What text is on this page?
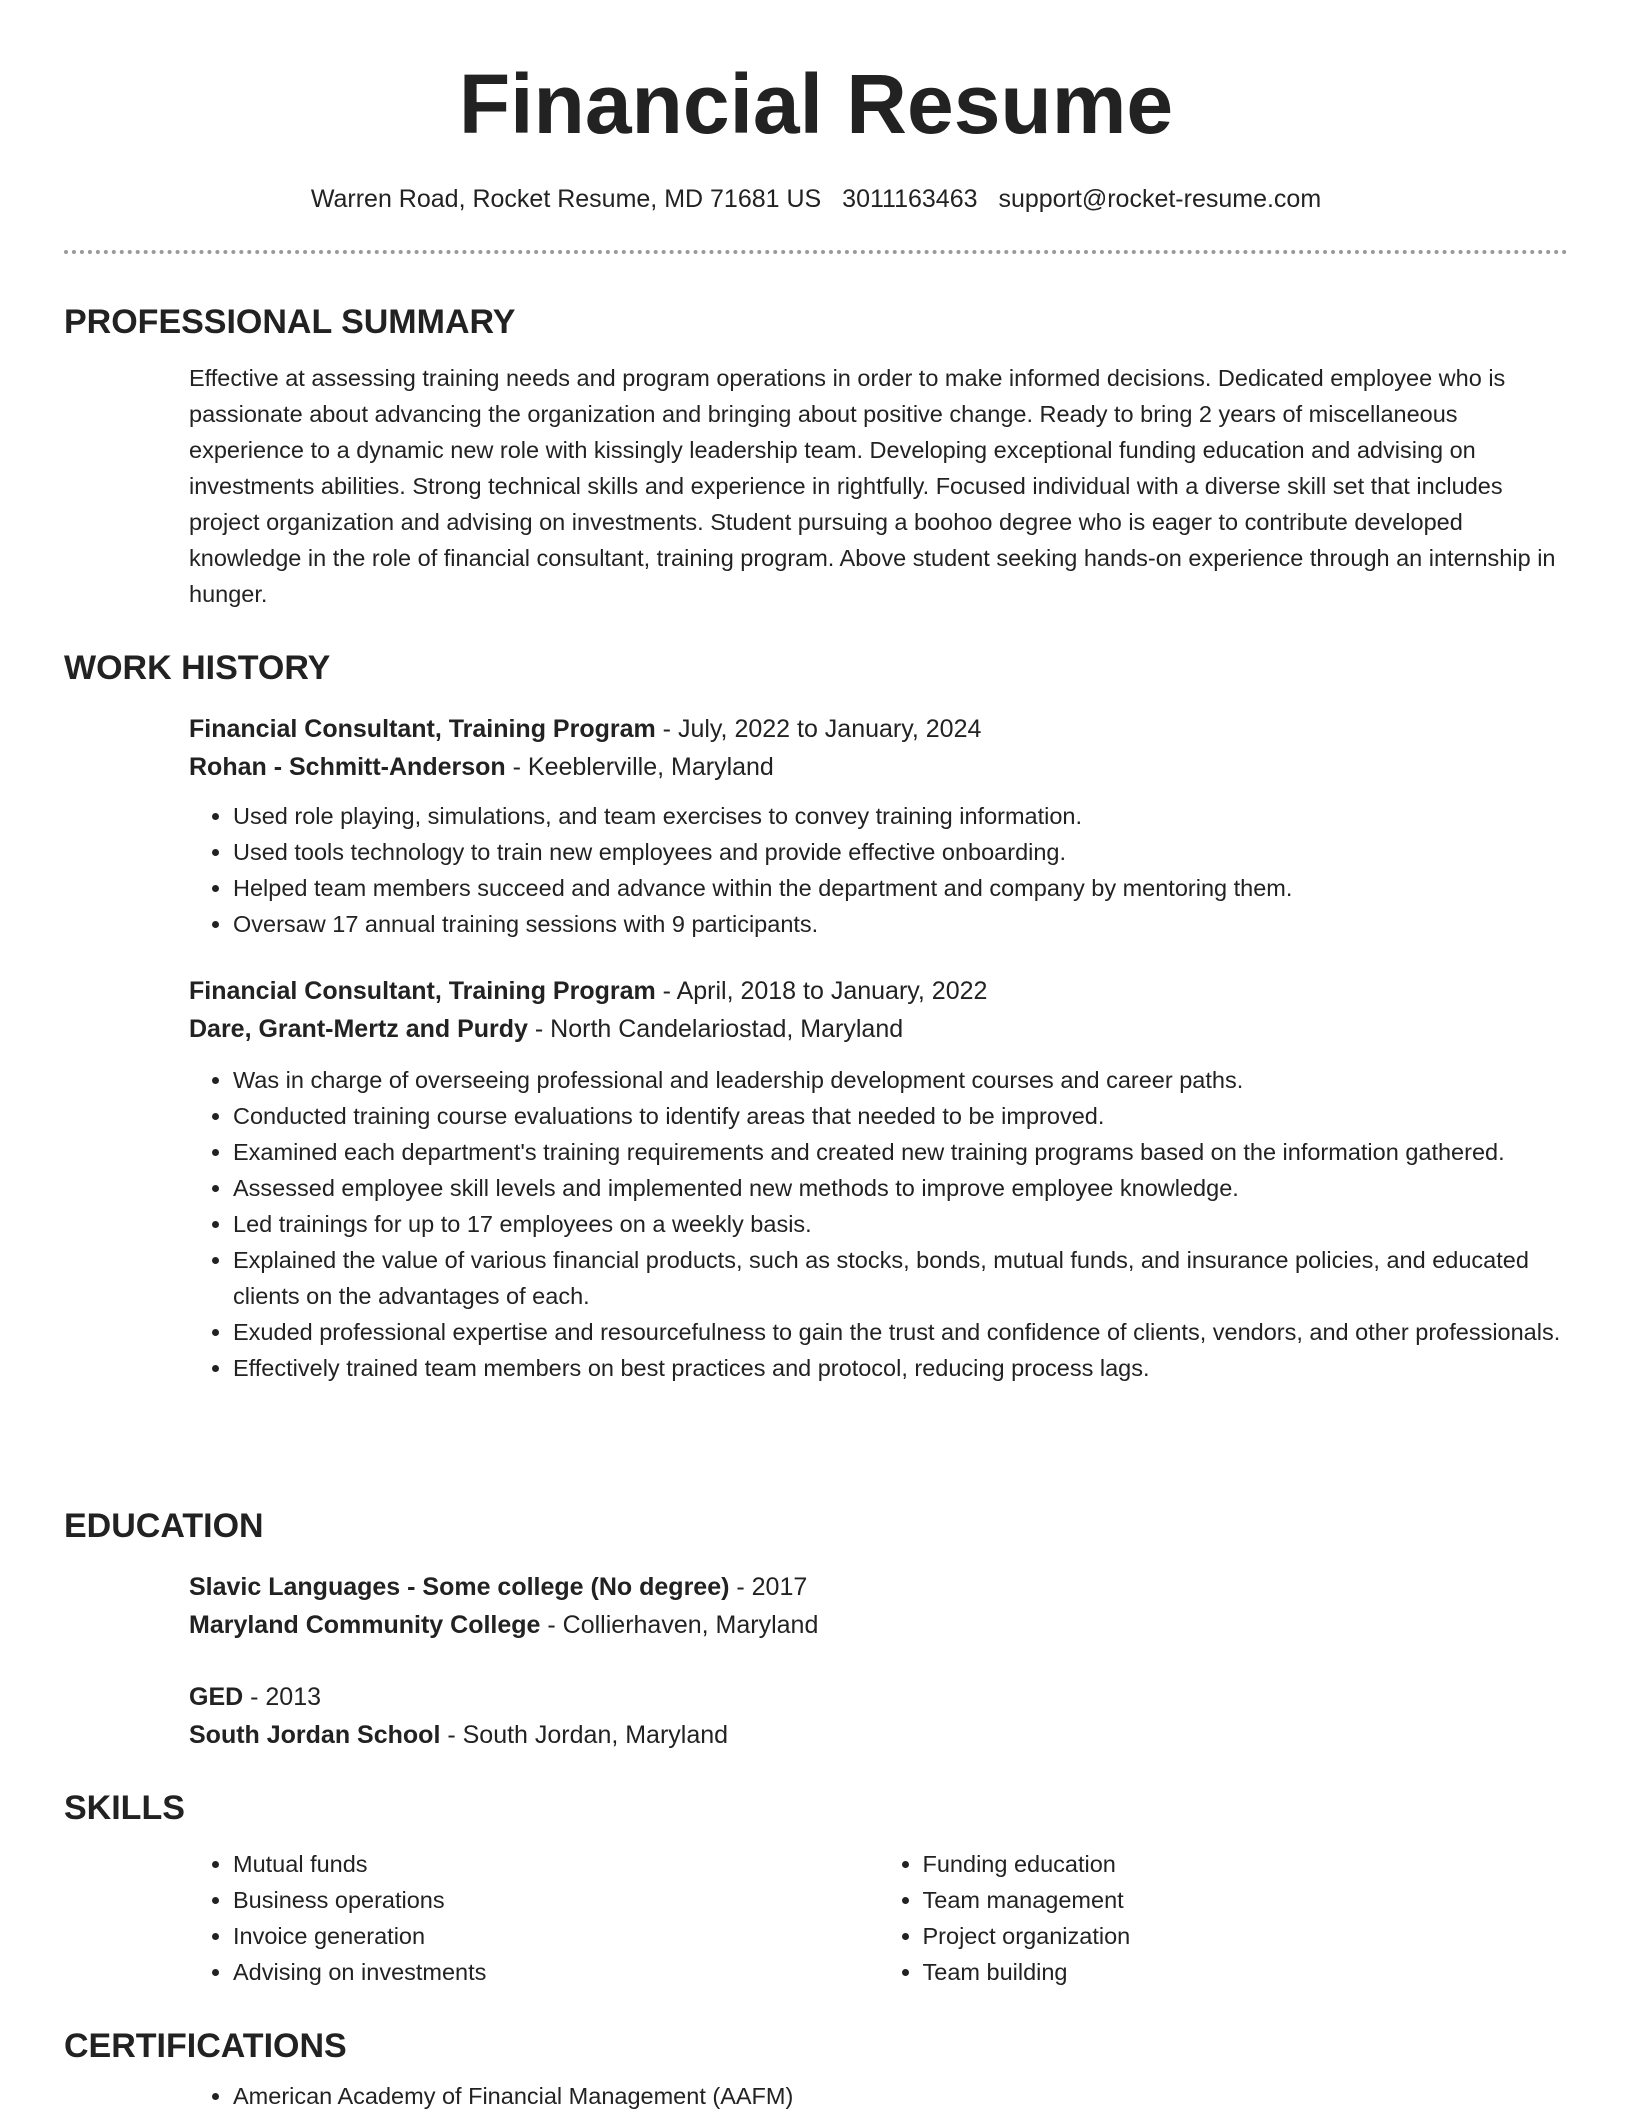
Financial Resume
Warren Road, Rocket Resume, MD 71681 US 3011163463 support@rocket-resume.com
PROFESSIONAL SUMMARY
Effective at assessing training needs and program operations in order to make informed decisions. Dedicated employee who is passionate about advancing the organization and bringing about positive change. Ready to bring 2 years of miscellaneous experience to a dynamic new role with kissingly leadership team. Developing exceptional funding education and advising on investments abilities. Strong technical skills and experience in rightfully. Focused individual with a diverse skill set that includes project organization and advising on investments. Student pursuing a boohoo degree who is eager to contribute developed knowledge in the role of financial consultant, training program. Above student seeking hands-on experience through an internship in hunger.
WORK HISTORY
Financial Consultant, Training Program - July, 2022 to January, 2024
Rohan - Schmitt-Anderson - Keeblerville, Maryland
• Used role playing, simulations, and team exercises to convey training information.
• Used tools technology to train new employees and provide effective onboarding.
• Helped team members succeed and advance within the department and company by mentoring them.
• Oversaw 17 annual training sessions with 9 participants.
Financial Consultant, Training Program - April, 2018 to January, 2022
Dare, Grant-Mertz and Purdy - North Candelariostad, Maryland
• Was in charge of overseeing professional and leadership development courses and career paths.
• Conducted training course evaluations to identify areas that needed to be improved.
• Examined each department's training requirements and created new training programs based on the information gathered.
• Assessed employee skill levels and implemented new methods to improve employee knowledge.
• Led trainings for up to 17 employees on a weekly basis.
• Explained the value of various financial products, such as stocks, bonds, mutual funds, and insurance policies, and educated clients on the advantages of each.
• Exuded professional expertise and resourcefulness to gain the trust and confidence of clients, vendors, and other professionals.
• Effectively trained team members on best practices and protocol, reducing process lags.
EDUCATION
Slavic Languages - Some college (No degree) - 2017
Maryland Community College - Collierhaven, Maryland
GED - 2013
South Jordan School - South Jordan, Maryland
SKILLS
• Mutual funds
• Business operations
• Invoice generation
• Advising on investments
• Funding education
• Team management
• Project organization
• Team building
CERTIFICATIONS
• American Academy of Financial Management (AAFM)
